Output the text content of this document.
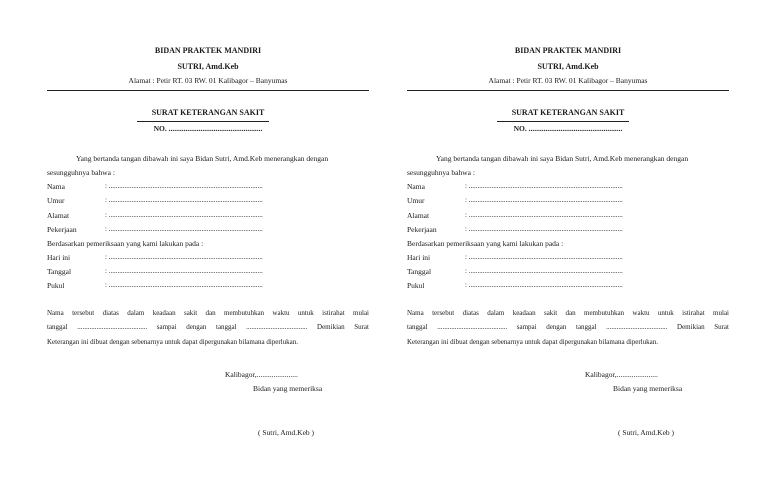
BIDAN PRAKTEK MANDIRI
SUTRI, Amd.Keb
Alamat : Petir RT. 03 RW. 01 Kalibagor – Banyumas
SURAT KETERANGAN SAKIT
NO. ..................................................
Yang bertanda tangan dibawah ini saya Bidan Sutri, Amd.Keb menerangkan dengan
sesungguhnya bahwa :
Nama	: ........................................................................................
Umur	: ........................................................................................
Alamat	: ........................................................................................
Pekerjaan	: ........................................................................................
Berdasarkan pemeriksaan yang kami lakukan pada :
Hari ini	: ........................................................................................
Tanggal	: ........................................................................................
Pukul	: ........................................................................................
Nama tersebut diatas dalam keadaan sakit dan membutuhkan waktu untuk istirahat mulai
tanggal ........................................ sampai dengan tanggal ................................... Demikian Surat
Keterangan ini dibuat dengan sebenarnya untuk dapat dipergunakan bilamana diperlukan.
Kalibagor,......................
Bidan yang memeriksa
( Sutri, Amd.Keb )
BIDAN PRAKTEK MANDIRI
SUTRI, Amd.Keb
Alamat : Petir RT. 03 RW. 01 Kalibagor – Banyumas
SURAT KETERANGAN SAKIT
NO. ..................................................
Yang bertanda tangan dibawah ini saya Bidan Sutri, Amd.Keb menerangkan dengan
sesungguhnya bahwa :
Nama	: ........................................................................................
Umur	: ........................................................................................
Alamat	: ........................................................................................
Pekerjaan	: ........................................................................................
Berdasarkan pemeriksaan yang kami lakukan pada :
Hari ini	: ........................................................................................
Tanggal	: ........................................................................................
Pukul	: ........................................................................................
Nama tersebut diatas dalam keadaan sakit dan membutuhkan waktu untuk istirahat mulai
tanggal ........................................ sampai dengan tanggal ................................... Demikian Surat
Keterangan ini dibuat dengan sebenarnya untuk dapat dipergunakan bilamana diperlukan.
Kalibagor,......................
Bidan yang memeriksa
( Sutri, Amd.Keb )
